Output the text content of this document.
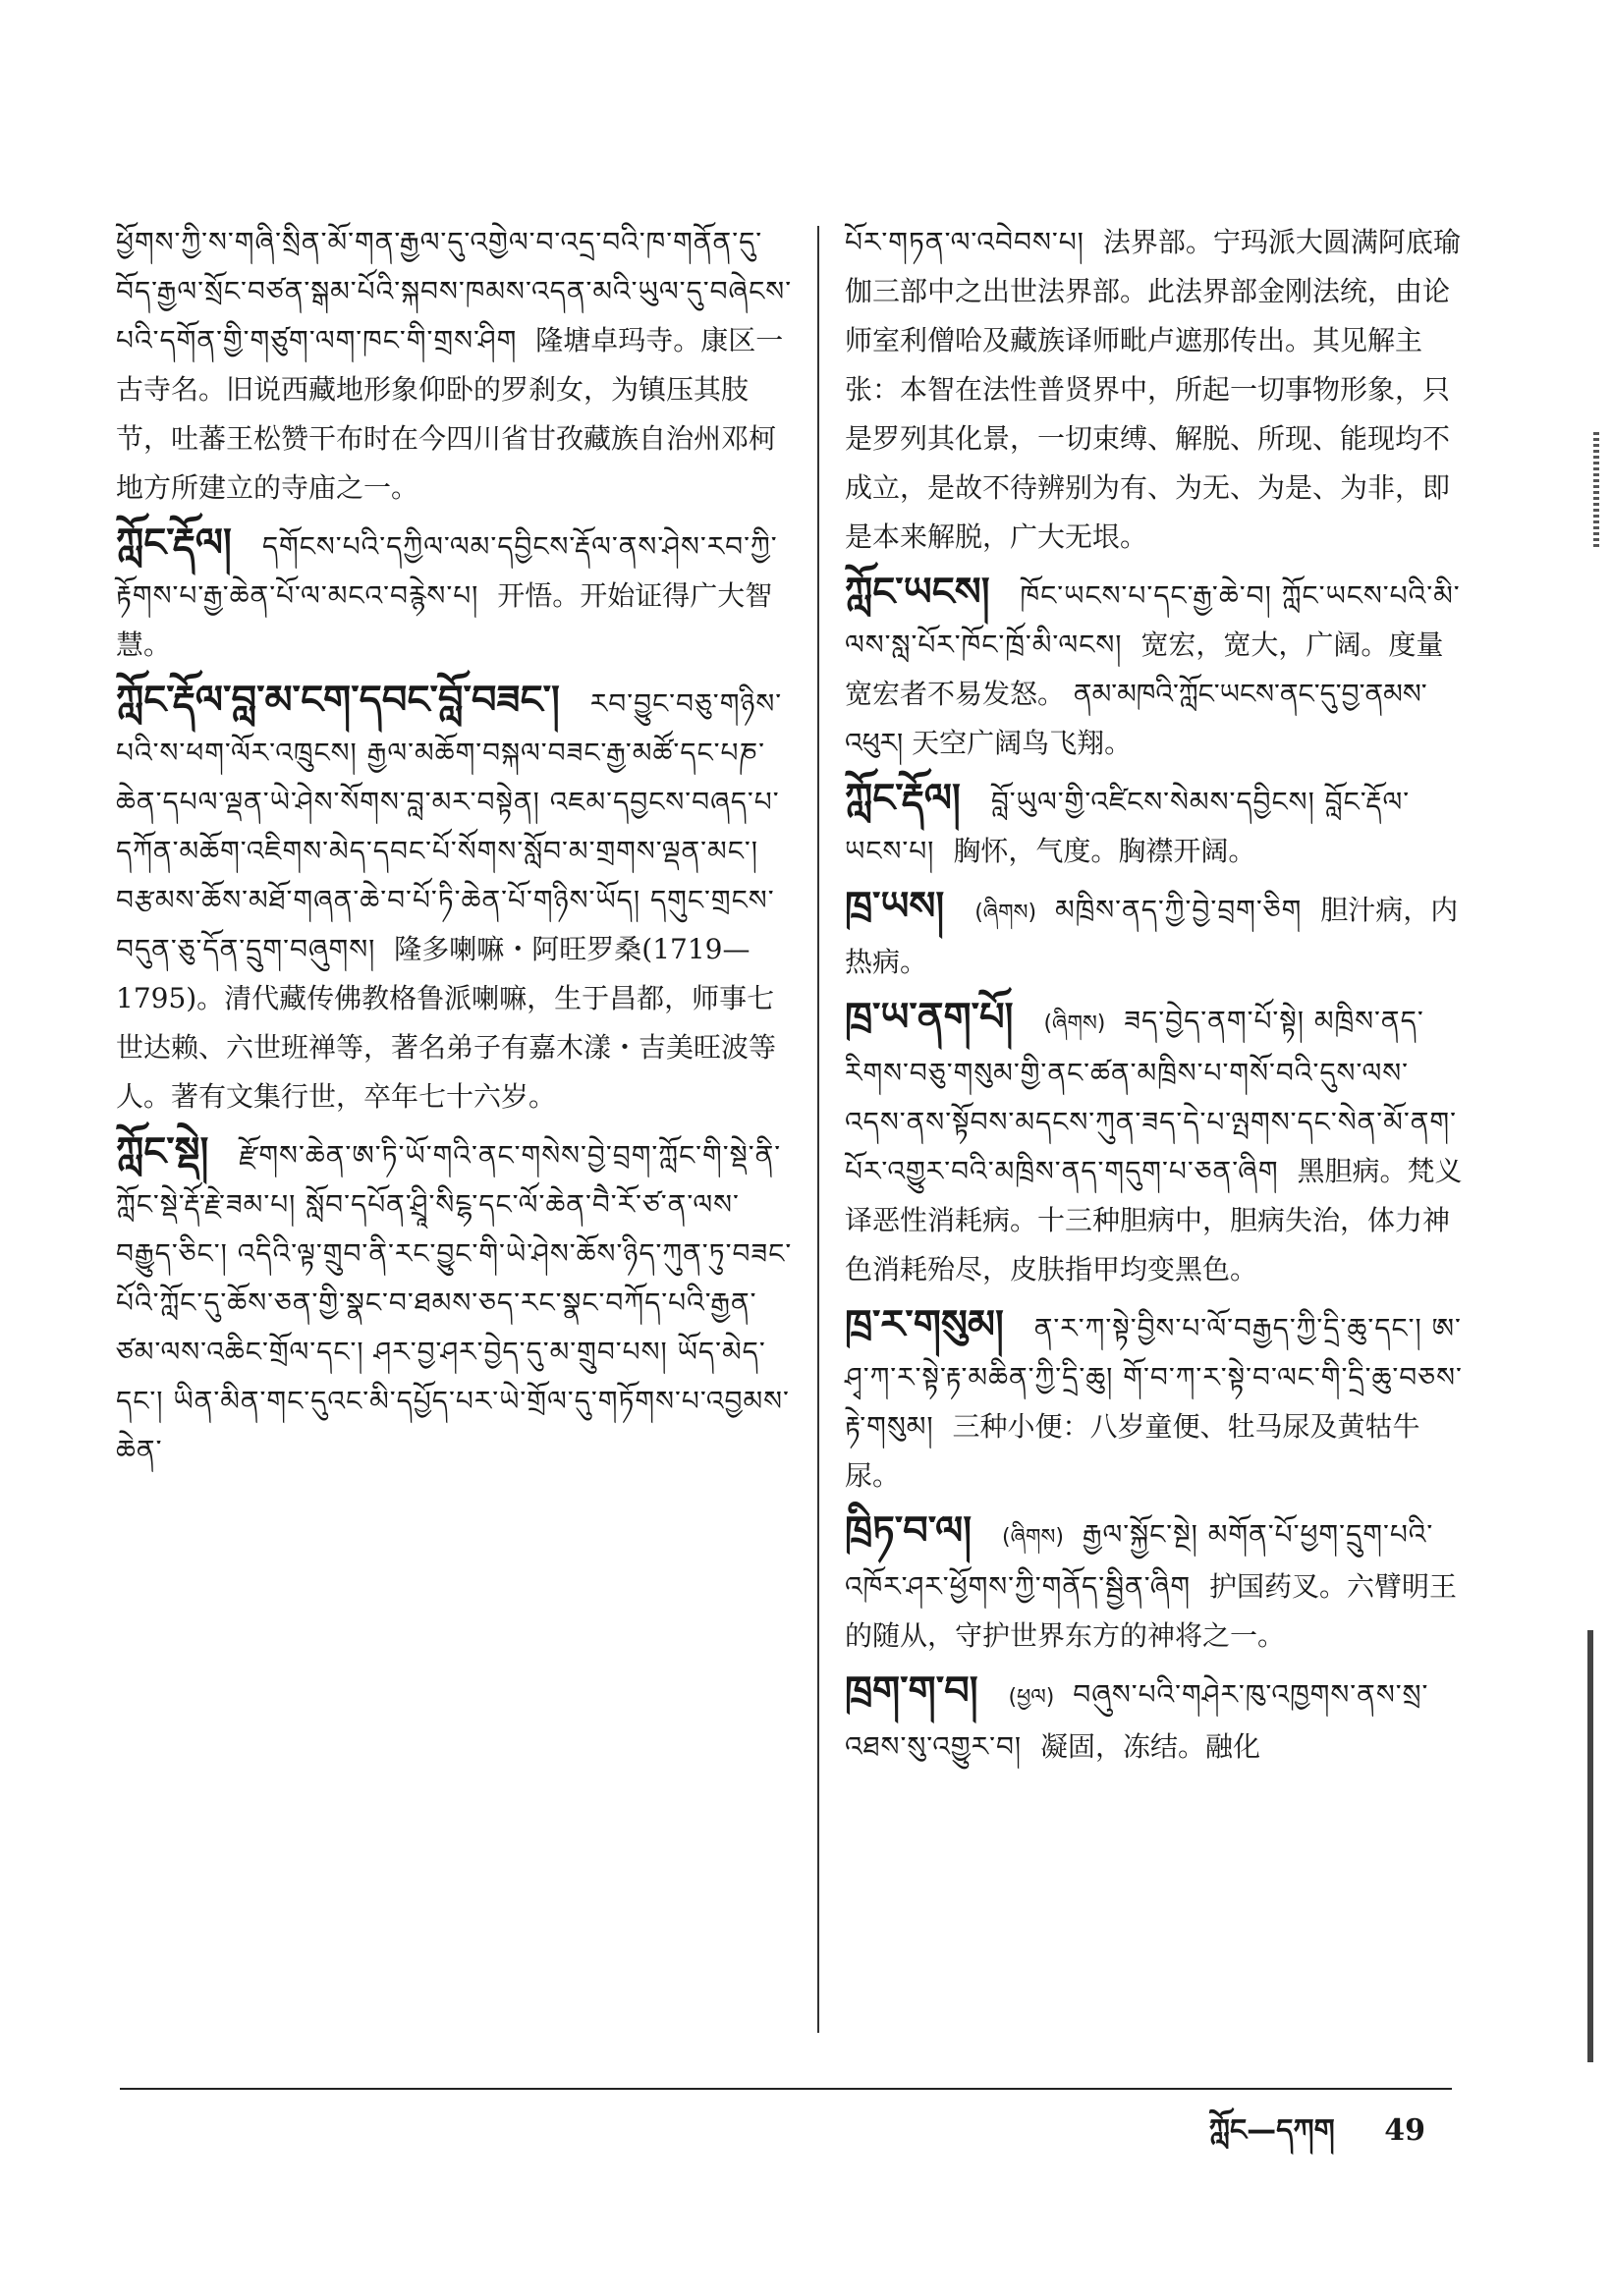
ཕྱོགས་ཀྱི་ས་གཞི་སྲིན་མོ་གན་རྒྱལ་དུ་འགྱེལ་བ་འདྲ་བའི་ཁ་གནོན་དུ་བོད་རྒྱལ་སྲོང་བཙན་སྒམ་པོའི་སྐབས་ཁམས་འདན་མའི་ཡུལ་དུ་བཞེངས་པའི་དགོན་གྱི་གཙུག་ལག་ཁང་གི་གྲས་ཤིག 隆塘卓玛寺。康区一古寺名。旧说西藏地形象仰卧的罗刹女，为镇压其肢节，吐蕃王松赞干布时在今四川省甘孜藏族自治州邓柯地方所建立的寺庙之一。
ཀློང་རྡོལ། དགོངས་པའི་དཀྱིལ་ལམ་དབྱིངས་རྡོལ་ནས་ཤེས་རབ་ཀྱི་རྟོགས་པ་རྒྱ་ཆེན་པོ་ལ་མངའ་བརྙེས་པ། 开悟。开始证得广大智慧。
ཀློང་རྡོལ་བླ་མ་ངག་དབང་བློ་བཟང་། རབ་བྱུང་བཅུ་གཉིས་པའི་ས་ཕག་ལོར་འཁྲུངས། རྒྱལ་མཆོག་བསྐལ་བཟང་རྒྱ་མཚོ་དང་པཎ་ཆེན་དཔལ་ལྡན་ཡེ་ཤེས་སོགས་བླ་མར་བསྟེན། འཇམ་དབྱངས་བཞད་པ་དཀོན་མཆོག་འཇིགས་མེད་དབང་པོ་སོགས་སློབ་མ་གྲགས་ལྡན་མང་། བརྩམས་ཆོས་མཐོ་གཞན་ཆེ་བ་པོ་ཏི་ཆེན་པོ་གཉིས་ཡོད། དགུང་གྲངས་བདུན་ཅུ་དོན་དྲུག་བཞུགས། 隆多喇嘛・阿旺罗桑(1719—1795)。清代藏传佛教格鲁派喇嘛，生于昌都，师事七世达赖、六世班禅等，著名弟子有嘉木漾・吉美旺波等人。著有文集行世，卒年七十六岁。
ཀློང་སྡེ། རྫོགས་ཆེན་ཨ་ཏི་ཡོ་གའི་ནང་གསེས་བྱེ་བྲག་ཀློང་གི་སྡེ་ནི་ཀློང་སྡེ་རྡོ་རྗེ་ཟམ་པ། སློབ་དཔོན་ཤྲཱི་སིངྷ་དང་ལོ་ཆེན་བཻ་རོ་ཙ་ན་ལས་བརྒྱུད་ཅིང་། འདིའི་ལྟ་གྲུབ་ནི་རང་བྱུང་གི་ཡེ་ཤེས་ཆོས་ཉིད་ཀུན་ཏུ་བཟང་པོའི་ཀློང་དུ་ཆོས་ཅན་གྱི་སྣང་བ་ཐམས་ཅད་རང་སྣང་བཀོད་པའི་རྒྱན་ཙམ་ལས་འཆིང་གྲོལ་དང་། ཤར་བྱ་ཤར་བྱེད་དུ་མ་གྲུབ་པས། ཡོད་མེད་དང་། ཡིན་མིན་གང་དུའང་མི་དཔྱོད་པར་ཡེ་གྲོལ་དུ་གཏོགས་པ་འབྱམས་ཆེན་
པོར་གཏན་ལ་འབེབས་པ། 法界部。宁玛派大圆满阿底瑜伽三部中之出世法界部。此法界部金刚法统，由论师室利僧哈及藏族译师毗卢遮那传出。其见解主张：本智在法性普贤界中，所起一切事物形象，只是罗列其化景，一切束缚、解脱、所现、能现均不成立，是故不待辨别为有、为无、为是、为非，即是本来解脱，广大无垠。
ཀློང་ཡངས། ཁོང་ཡངས་པ་དང་རྒྱ་ཆེ་བ། ཀློང་ཡངས་པའི་མི་ལས་སླ་པོར་ཁོང་ཁྲོ་མི་ལངས། 宽宏，宽大，广阔。度量宽宏者不易发怒。 ནམ་མཁའི་ཀློང་ཡངས་ནང་དུ་བྱ་ནམས་འཕུར། 天空广阔鸟飞翔。
ཀློང་རྡོལ། བློ་ཡུལ་གྱི་འཛིངས་སེམས་དབྱིངས། བློང་རྡོལ་ཡངས་པ། 胸怀，气度。胸襟开阔。
ཁྲ་ཡས། (ཞིགས) མཁྲིས་ནད་ཀྱི་བྱེ་བྲག་ཅིག 胆汁病，内热病。
ཁྲ་ཡ་ནག་པོ། (ཞིགས) ཟད་བྱེད་ནག་པོ་སྟེ། མཁྲིས་ནད་རིགས་བཅུ་གསུམ་གྱི་ནང་ཚན་མཁྲིས་པ་གསོ་བའི་དུས་ལས་འདས་ནས་སྟོབས་མདངས་ཀུན་ཟད་དེ་པ་ལྤགས་དང་སེན་མོ་ནག་པོར་འགྱུར་བའི་མཁྲིས་ནད་གདུག་པ་ཅན་ཞིག 黑胆病。梵义译恶性消耗病。十三种胆病中，胆病失治，体力神色消耗殆尽，皮肤指甲均变黑色。
ཁྲ་ར་གསུམ། ན་ར་ཀ་སྟེ་བྱིས་པ་ལོ་བརྒྱད་ཀྱི་དྲི་ཆུ་དང་། ཨ་ཤྭ་ཀ་ར་སྟེ་རྟ་མཆིན་ཀྱི་དྲི་ཆུ། གོ་བ་ཀ་ར་སྟེ་བ་ལང་གི་དྲི་ཆུ་བཅས་རྟེ་གསུམ། 三种小便：八岁童便、牡马尿及黄牯牛尿。
ཁྲིཏ་བ་ལ། (ཞིགས) རྒྱལ་སྐྱོང་སྔེ། མགོན་པོ་ཕྱག་དྲུག་པའི་འཁོར་ཤར་ཕྱོགས་ཀྱི་གནོད་སྦྱིན་ཞིག 护国药叉。六臂明王的随从，守护世界东方的神将之一。
ཁྲག་ག་བ། (ཕྱལ) བཞུས་པའི་གཤེར་ཁུ་འཁྱགས་ནས་སྲ་འཐས་སུ་འགྱུར་བ། 凝固，冻结。融化
ཀློང—དཀག 49
